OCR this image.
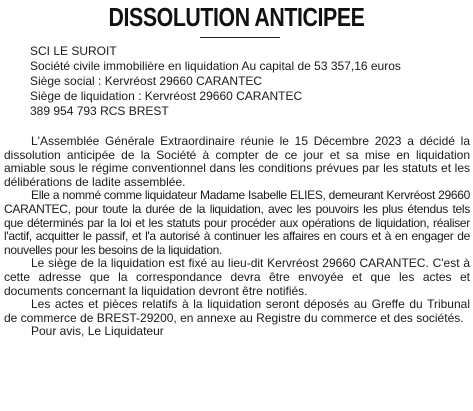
DISSOLUTION ANTICIPEE
SCI LE SUROIT
Société civile immobilière en liquidation Au capital de 53 357,16 euros
Siège social : Kervréost 29660 CARANTEC
Siège de liquidation : Kervréost 29660 CARANTEC
389 954 793 RCS BREST

L'Assemblée Générale Extraordinaire réunie le 15 Décembre 2023 a décidé la dissolution anticipée de la Société à compter de ce jour et sa mise en liquidation amiable sous le régime conventionnel dans les conditions prévues par les statuts et les délibérations de ladite assemblée.

Elle a nommé comme liquidateur Madame Isabelle ELIES, demeurant Kervréost 29660 CARANTEC, pour toute la durée de la liquidation, avec les pouvoirs les plus étendus tels que déterminés par la loi et les statuts pour procéder aux opérations de liquidation, réaliser l'actif, acquitter le passif, et l'a autorisé à continuer les affaires en cours et à en engager de nouvelles pour les besoins de la liquidation.

Le siège de la liquidation est fixé au lieu-dit Kervréost 29660 CARANTEC. C'est à cette adresse que la correspondance devra être envoyée et que les actes et documents concernant la liquidation devront être notifiés.

Les actes et pièces relatifs à la liquidation seront déposés au Greffe du Tribunal de commerce de BREST-29200, en annexe au Registre du commerce et des sociétés.

Pour avis, Le Liquidateur
